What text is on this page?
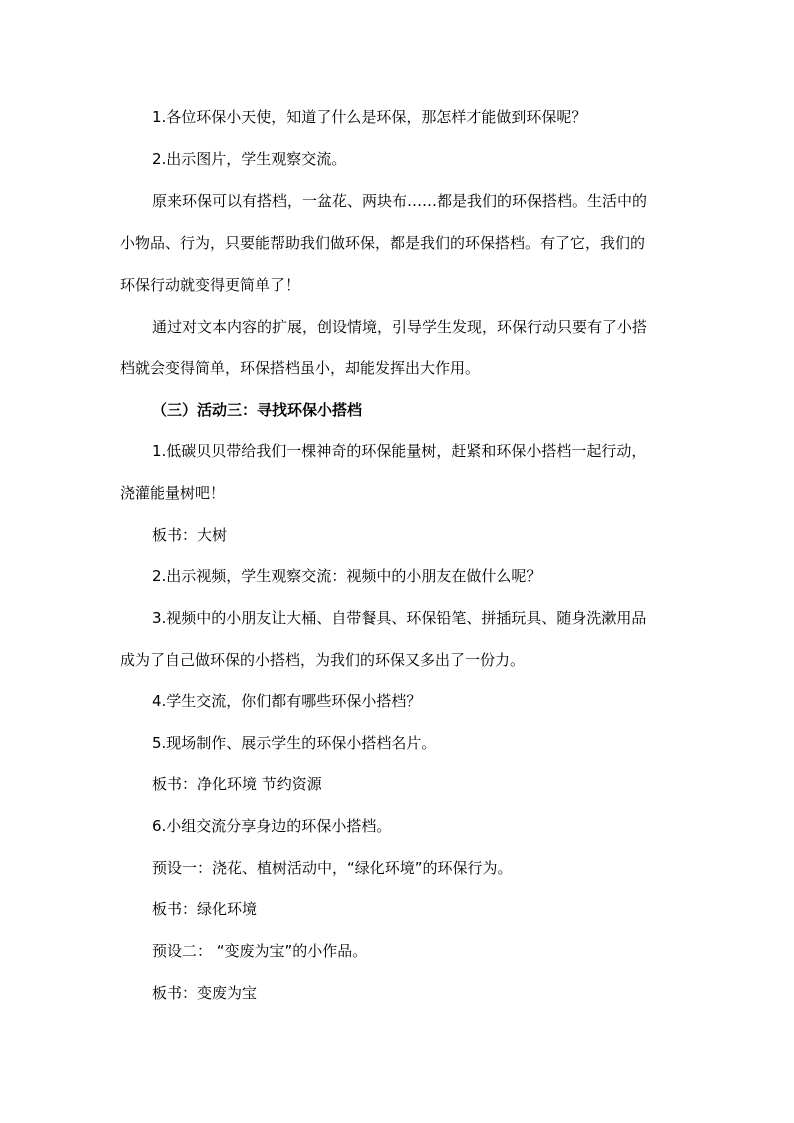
1.各位环保小天使，知道了什么是环保，那怎样才能做到环保呢？

2.出示图片，学生观察交流。

原来环保可以有搭档，一盆花、两块布……都是我们的环保搭档。生活中的

小物品、行为，只要能帮助我们做环保，都是我们的环保搭档。有了它，我们的

环保行动就变得更简单了！

通过对文本内容的扩展，创设情境，引导学生发现，环保行动只要有了小搭

档就会变得简单，环保搭档虽小，却能发挥出大作用。

（三）活动三：寻找环保小搭档

1.低碳贝贝带给我们一棵神奇的环保能量树，赶紧和环保小搭档一起行动，

浇灌能量树吧！

板书：大树

2.出示视频，学生观察交流：视频中的小朋友在做什么呢？

3.视频中的小朋友让大桶、自带餐具、环保铅笔、拼插玩具、随身洗漱用品

成为了自己做环保的小搭档，为我们的环保又多出了一份力。

4.学生交流，你们都有哪些环保小搭档？

5.现场制作、展示学生的环保小搭档名片。

板书：净化环境 节约资源

6.小组交流分享身边的环保小搭档。

预设一：浇花、植树活动中，“绿化环境”的环保行为。

板书：绿化环境

预设二： “变废为宝”的小作品。

板书：变废为宝
